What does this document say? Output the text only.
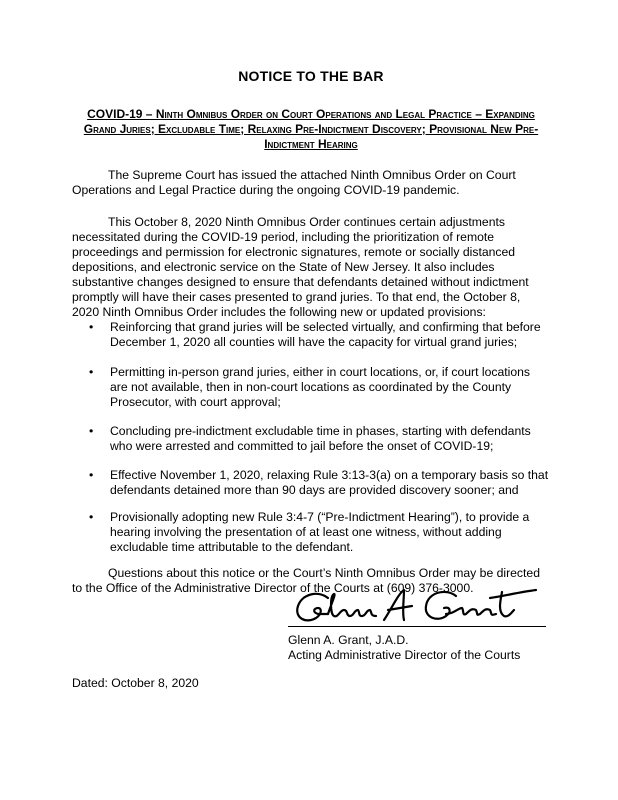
NOTICE TO THE BAR
COVID-19 – Ninth Omnibus Order on Court Operations and Legal Practice – Expanding Grand Juries; Excludable Time; Relaxing Pre-Indictment Discovery; Provisional New Pre-Indictment Hearing
The Supreme Court has issued the attached Ninth Omnibus Order on Court Operations and Legal Practice during the ongoing COVID-19 pandemic.
This October 8, 2020 Ninth Omnibus Order continues certain adjustments necessitated during the COVID-19 period, including the prioritization of remote proceedings and permission for electronic signatures, remote or socially distanced depositions, and electronic service on the State of New Jersey. It also includes substantive changes designed to ensure that defendants detained without indictment promptly will have their cases presented to grand juries. To that end, the October 8, 2020 Ninth Omnibus Order includes the following new or updated provisions:
•	Reinforcing that grand juries will be selected virtually, and confirming that before December 1, 2020 all counties will have the capacity for virtual grand juries;
•	Permitting in-person grand juries, either in court locations, or, if court locations are not available, then in non-court locations as coordinated by the County Prosecutor, with court approval;
•	Concluding pre-indictment excludable time in phases, starting with defendants who were arrested and committed to jail before the onset of COVID-19;
•	Effective November 1, 2020, relaxing Rule 3:13-3(a) on a temporary basis so that defendants detained more than 90 days are provided discovery sooner; and
•	Provisionally adopting new Rule 3:4-7 (“Pre-Indictment Hearing”), to provide a hearing involving the presentation of at least one witness, without adding excludable time attributable to the defendant.
Questions about this notice or the Court’s Ninth Omnibus Order may be directed to the Office of the Administrative Director of the Courts at (609) 376-3000.
Glenn A. Grant, J.A.D.
Acting Administrative Director of the Courts
Dated: October 8, 2020
